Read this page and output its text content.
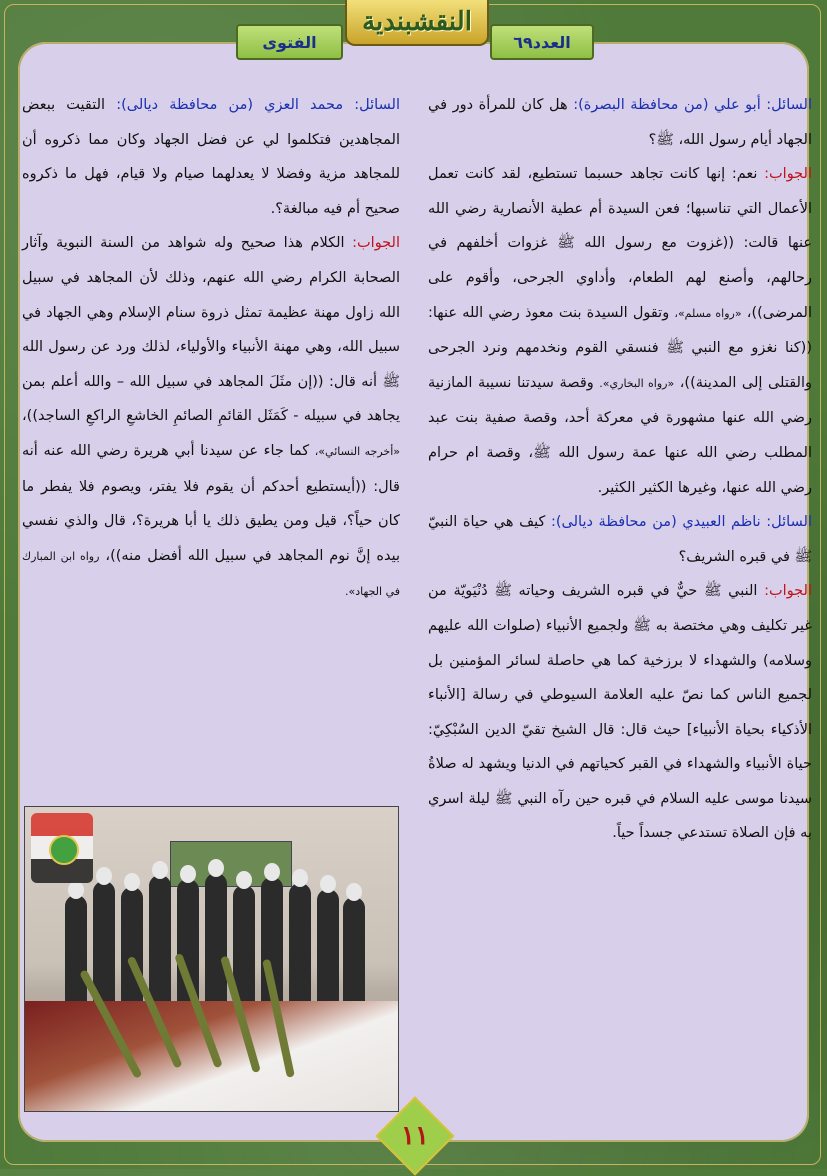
النقشبندية
العدد٦٩
الفتوى

السائل: أبو علي (من محافظة البصرة): هل كان للمرأة دور في الجهاد أيام رسول الله، ﷺ؟

الجواب: نعم: إنها كانت تجاهد حسبما تستطيع، لقد كانت تعمل الأعمال التي تناسبها؛ فعن السيدة أم عطية الأنصارية رضي الله عنها قالت: ((غزوت مع رسول الله ﷺ غزوات أخلفهم في رحالهم، وأصنع لهم الطعام، وأداوي الجرحى، وأقوم على المرضى))، «رواه مسلم»، وتقول السيدة بنت معوذ رضي الله عنها: ((كنا نغزو مع النبي ﷺ فنسقي القوم ونخدمهم ونرد الجرحى والقتلى إلى المدينة))، «رواه البخاري». وقصة سيدتنا نسيبة المازنية رضي الله عنها مشهورة في معركة أحد، وقصة صفية بنت عبد المطلب رضي الله عنها عمة رسول الله ﷺ، وقصة ام حرام رضي الله عنها، وغيرها الكثير الكثير.

السائل: ناظم العبيدي (من محافظة ديالى): كيف هي حياة النبيّ ﷺ في قبره الشريف؟

الجواب: النبي ﷺ حيٌّ في قبره الشريف وحياته ﷺ دُنْيَويّة من غير تكليف وهي مختصة به ﷺ ولجميع الأنبياء (صلوات الله عليهم وسلامه) والشهداء لا برزخية كما هي حاصلة لسائر المؤمنين بل لجميع الناس كما نصّ عليه العلامة السيوطي في رسالة [الأنباء الأذكياء بحياة الأنبياء] حيث قال: قال الشيخ تقيّ الدين السُبْكِيّ: حياة الأنبياء والشهداء في القبر كحياتهم في الدنيا ويشهد له صلاةُ سيدنا موسى عليه السلام في قبره حين رآه النبي ﷺ ليلة اسري به فإن الصلاة تستدعي جسداً حياً.

السائل: محمد العزي (من محافظة ديالى): التقيت ببعض المجاهدين فتكلموا لي عن فضل الجهاد وكان مما ذكروه أن للمجاهد مزية وفضلا لا يعدلهما صيام ولا قيام، فهل ما ذكروه صحيح أم فيه مبالغة؟.

الجواب: الكلام هذا صحيح وله شواهد من السنة النبوية وآثار الصحابة الكرام رضي الله عنهم، وذلك لأن المجاهد في سبيل الله زاول مهنة عظيمة تمثل ذروة سنام الإسلام وهي الجهاد في سبيل الله، وهي مهنة الأنبياء والأولياء، لذلك ورد عن رسول الله ﷺ أنه قال: ((إن مثَلَ المجاهد في سبيل الله – والله أعلم بمن يجاهد في سبيله - كَمَثَل القائمِ الصائمِ الخاشعِ الراكعِ الساجد))، «أخرجه النسائي»، كما جاء عن سيدنا أبي هريرة رضي الله عنه أنه قال: ((أيستطيع أحدكم أن يقوم فلا يفتر، ويصوم فلا يفطر ما كان حياً؟، قيل ومن يطيق ذلك يا أبا هريرة؟، قال والذي نفسي بيده إنَّ نوم المجاهد في سبيل الله أفضل منه))، رواه ابن المبارك في الجهاد».

١١
